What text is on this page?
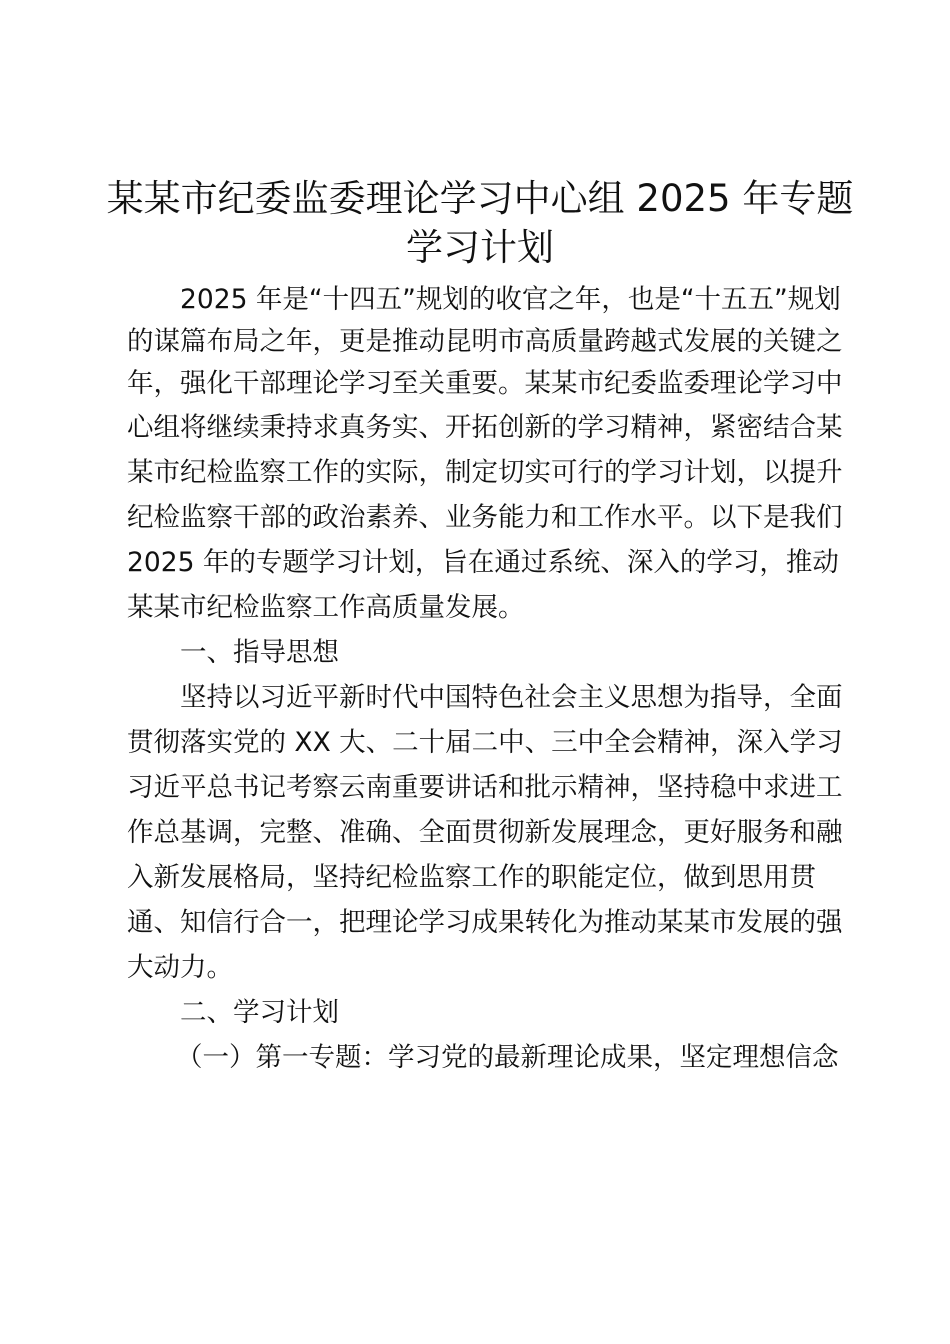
某某市纪委监委理论学习中心组 2025 年专题
学习计划
2025 年是“十四五”规划的收官之年，也是“十五五”规划
的谋篇布局之年，更是推动昆明市高质量跨越式发展的关键之
年，强化干部理论学习至关重要。某某市纪委监委理论学习中
心组将继续秉持求真务实、开拓创新的学习精神，紧密结合某
某市纪检监察工作的实际，制定切实可行的学习计划，以提升
纪检监察干部的政治素养、业务能力和工作水平。以下是我们
2025 年的专题学习计划，旨在通过系统、深入的学习，推动
某某市纪检监察工作高质量发展。
一、指导思想
坚持以习近平新时代中国特色社会主义思想为指导，全面
贯彻落实党的 XX 大、二十届二中、三中全会精神，深入学习
习近平总书记考察云南重要讲话和批示精神，坚持稳中求进工
作总基调，完整、准确、全面贯彻新发展理念，更好服务和融
入新发展格局，坚持纪检监察工作的职能定位，做到思用贯
通、知信行合一，把理论学习成果转化为推动某某市发展的强
大动力。
二、学习计划
（一）第一专题：学习党的最新理论成果，坚定理想信念
